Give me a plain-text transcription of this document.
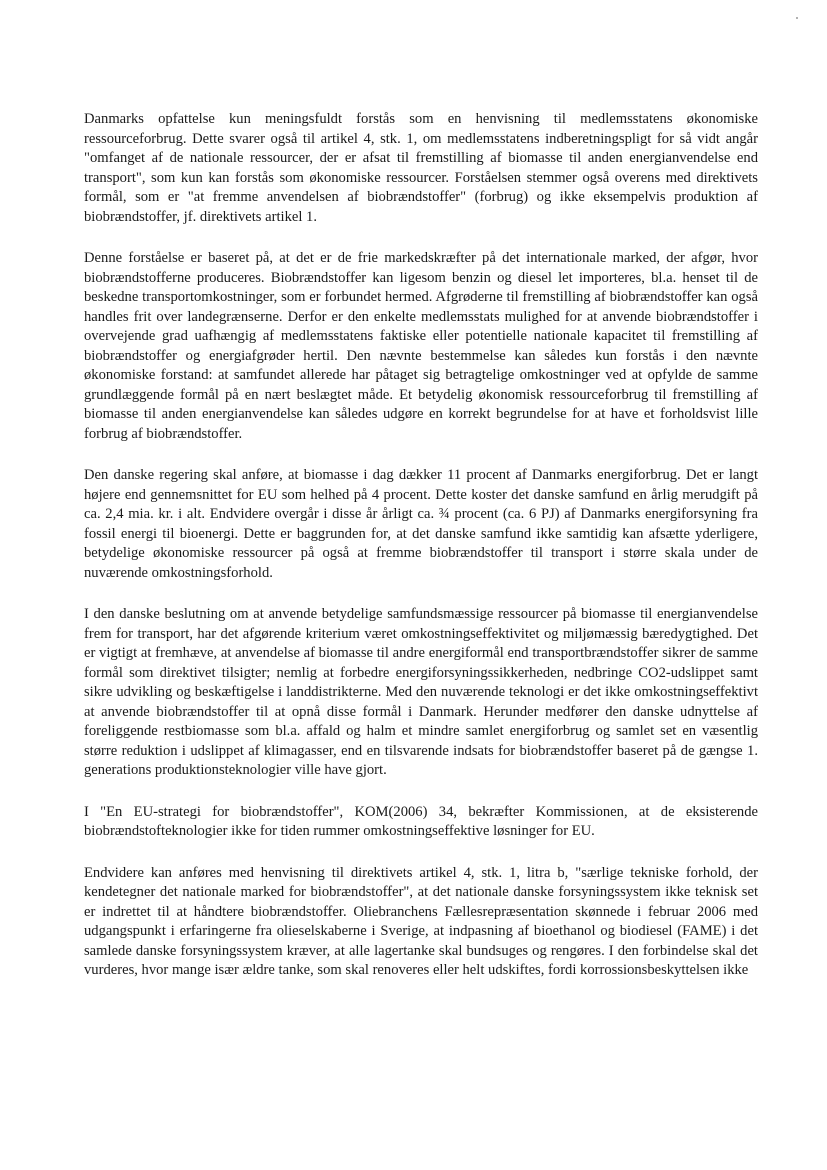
Danmarks opfattelse kun meningsfuldt forstås som en henvisning til medlemsstatens økonomiske ressourceforbrug. Dette svarer også til artikel 4, stk. 1, om medlemsstatens indberetningspligt for så vidt angår "omfanget af de nationale ressourcer, der er afsat til fremstilling af biomasse til anden energianvendelse end transport", som kun kan forstås som økonomiske ressourcer. Forståelsen stemmer også overens med direktivets formål, som er "at fremme anvendelsen af biobrændstoffer" (forbrug) og ikke eksempelvis produktion af biobrændstoffer, jf. direktivets artikel 1.

Denne forståelse er baseret på, at det er de frie markedskræfter på det internationale marked, der afgør, hvor biobrændstofferne produceres. Biobrændstoffer kan ligesom benzin og diesel let importeres, bl.a. henset til de beskedne transportomkostninger, som er forbundet hermed. Afgrøderne til fremstilling af biobrændstoffer kan også handles frit over landegrænserne. Derfor er den enkelte medlemsstats mulighed for at anvende biobrændstoffer i overvejende grad uafhængig af medlemsstatens faktiske eller potentielle nationale kapacitet til fremstilling af biobrændstoffer og energiafgrøder hertil. Den nævnte bestemmelse kan således kun forstås i den nævnte økonomiske forstand: at samfundet allerede har påtaget sig betragtelige omkostninger ved at opfylde de samme grundlæggende formål på en nært beslægtet måde. Et betydelig økonomisk ressourceforbrug til fremstilling af biomasse til anden energianvendelse kan således udgøre en korrekt begrundelse for at have et forholdsvist lille forbrug af biobrændstoffer.

Den danske regering skal anføre, at biomasse i dag dækker 11 procent af Danmarks energiforbrug. Det er langt højere end gennemsnittet for EU som helhed på 4 procent. Dette koster det danske samfund en årlig merudgift på ca. 2,4 mia. kr. i alt. Endvidere overgår i disse år årligt ca. ¾ procent (ca. 6 PJ) af Danmarks energiforsyning fra fossil energi til bioenergi. Dette er baggrunden for, at det danske samfund ikke samtidig kan afsætte yderligere, betydelige økonomiske ressourcer på også at fremme biobrændstoffer til transport i større skala under de nuværende omkostningsforhold.

I den danske beslutning om at anvende betydelige samfundsmæssige ressourcer på biomasse til energianvendelse frem for transport, har det afgørende kriterium været omkostningseffektivitet og miljømæssig bæredygtighed. Det er vigtigt at fremhæve, at anvendelse af biomasse til andre energiformål end transportbrændstoffer sikrer de samme formål som direktivet tilsigter; nemlig at forbedre energiforsyningssikkerheden, nedbringe CO2-udslippet samt sikre udvikling og beskæftigelse i landdistrikterne. Med den nuværende teknologi er det ikke omkostningseffektivt at anvende biobrændstoffer til at opnå disse formål i Danmark. Herunder medfører den danske udnyttelse af foreliggende restbiomasse som bl.a. affald og halm et mindre samlet energiforbrug og samlet set en væsentlig større reduktion i udslippet af klimagasser, end en tilsvarende indsats for biobrændstoffer baseret på de gængse 1. generations produktionsteknologier ville have gjort.

I "En EU-strategi for biobrændstoffer", KOM(2006) 34, bekræfter Kommissionen, at de eksisterende biobrændstofteknologier ikke for tiden rummer omkostningseffektive løsninger for EU.

Endvidere kan anføres med henvisning til direktivets artikel 4, stk. 1, litra b, "særlige tekniske forhold, der kendetegner det nationale marked for biobrændstoffer", at det nationale danske forsyningssystem ikke teknisk set er indrettet til at håndtere biobrændstoffer. Oliebranchens Fællesrepræsentation skønnede i februar 2006 med udgangspunkt i erfaringerne fra olieselskaberne i Sverige, at indpasning af bioethanol og biodiesel (FAME) i det samlede danske forsyningssystem kræver, at alle lagertanke skal bundsuges og rengøres. I den forbindelse skal det vurderes, hvor mange især ældre tanke, som skal renoveres eller helt udskiftes, fordi korrossionsbeskyttelsen ikke
